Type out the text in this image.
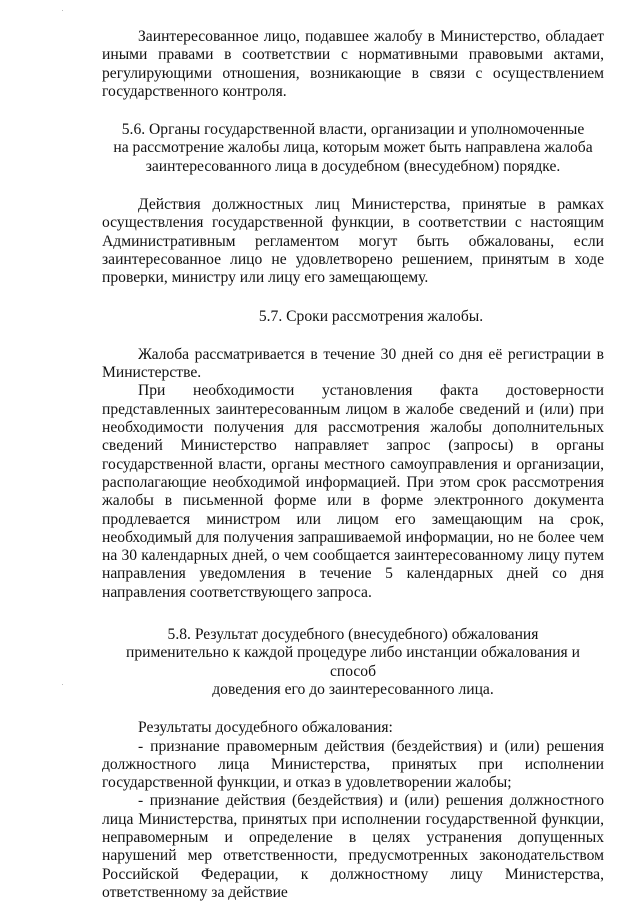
Заинтересованное лицо, подавшее жалобу в Министерство, обладает иными правами в соответствии с нормативными правовыми актами, регулирующими отношения, возникающие в связи с осуществлением государственного контроля.

5.6. Органы государственной власти, организации и уполномоченные

на рассмотрение жалобы лица, которым может быть направлена жалоба

заинтересованного лица в досудебном (внесудебном) порядке.

Действия должностных лиц Министерства, принятые в рамках осуществления государственной функции, в соответствии с настоящим Административным регламентом могут быть обжалованы, если заинтересованное лицо не удовлетворено решением, принятым в ходе проверки, министру или лицу его замещающему.

5.7. Сроки рассмотрения жалобы.

Жалоба рассматривается в течение 30 дней со дня её регистрации в Министерстве.

При необходимости установления факта достоверности представленных заинтересованным лицом в жалобе сведений и (или) при необходимости получения для рассмотрения жалобы дополнительных сведений Министерство направляет запрос (запросы) в органы государственной власти, органы местного самоуправления и организации, располагающие необходимой информацией. При этом срок рассмотрения жалобы в письменной форме или в форме электронного документа продлевается министром или лицом его замещающим на срок, необходимый для получения запрашиваемой информации, но не более чем на 30 календарных дней, о чем сообщается заинтересованному лицу путем направления уведомления в течение 5 календарных дней со дня направления соответствующего запроса.

5.8. Результат досудебного (внесудебного) обжалования

применительно к каждой процедуре либо инстанции обжалования и способ

доведения его до заинтересованного лица.

Результаты досудебного обжалования:

- признание правомерным действия (бездействия) и (или) решения должностного лица Министерства, принятых при исполнении государственной функции, и отказ в удовлетворении жалобы;

- признание действия (бездействия) и (или) решения должностного лица Министерства, принятых при исполнении государственной функции, неправомерным и определение в целях устранения допущенных нарушений мер ответственности, предусмотренных законодательством Российской Федерации, к должностному лицу Министерства, ответственному за действие
